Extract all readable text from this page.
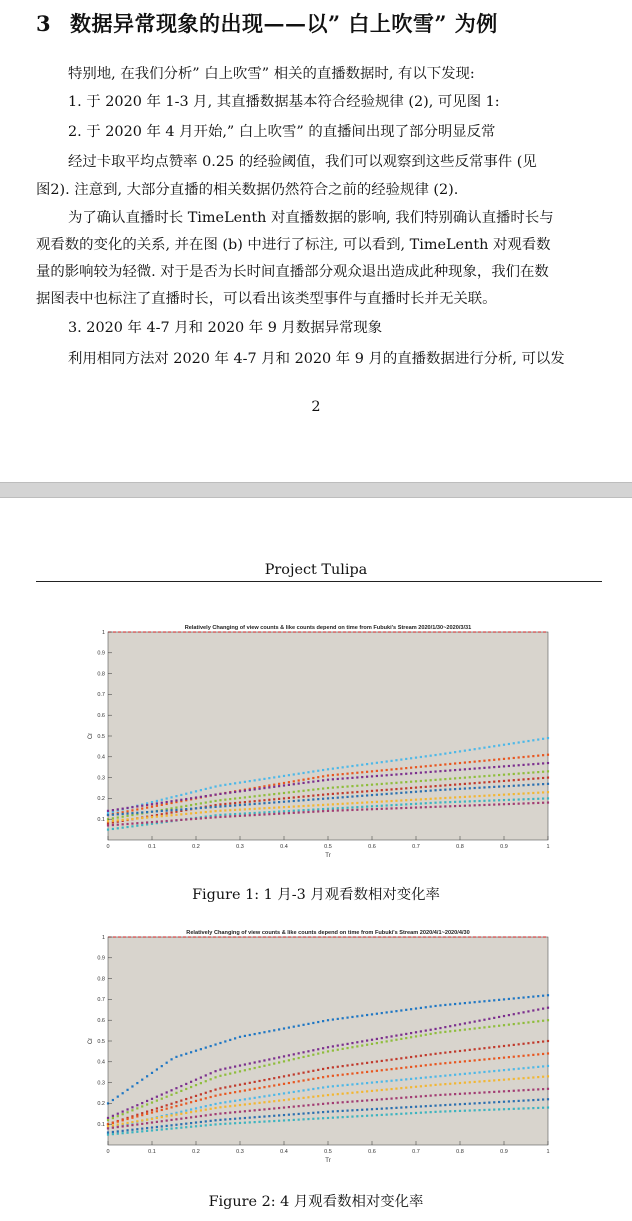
3 数据异常现象的出现——以” 白上吹雪” 为例
特别地, 在我们分析” 白上吹雪” 相关的直播数据时, 有以下发现:
1. 于 2020 年 1-3 月, 其直播数据基本符合经验规律 (2), 可见图 1:
2. 于 2020 年 4 月开始,” 白上吹雪” 的直播间出现了部分明显反常
经过卡取平均点赞率 0.25 的经验阈值，我们可以观察到这些反常事件 (见
图2). 注意到, 大部分直播的相关数据仍然符合之前的经验规律 (2).
为了确认直播时长 TimeLenth 对直播数据的影响, 我们特别确认直播时长与
观看数的变化的关系, 并在图 (b) 中进行了标注, 可以看到, TimeLenth 对观看数
量的影响较为轻微. 对于是否为长时间直播部分观众退出造成此种现象，我们在数
据图表中也标注了直播时长，可以看出该类型事件与直播时长并无关联。
3. 2020 年 4-7 月和 2020 年 9 月数据异常现象
利用相同方法对 2020 年 4-7 月和 2020 年 9 月的直播数据进行分析, 可以发
2
Project Tulipa
Relatively Changing of view counts & like counts depend on time from Fubuki's Stream 2020/1/30~2020/3/31
0.1
0.2
0.3
0.4
0.5
0.6
0.7
0.8
0.9
1
0	0.1	0.2	0.3	0.4	0.5	0.6	0.7	0.8	0.9	1
Tr
Cr
Figure 1: 1 月-3 月观看数相对变化率
Relatively Changing of view counts & like counts depend on time from Fubuki's Stream 2020/4/1~2020/4/30
0.1
0.2
0.3
0.4
0.5
0.6
0.7
0.8
0.9
1
0	0.1	0.2	0.3	0.4	0.5	0.6	0.7	0.8	0.9	1
Tr
Cr
Figure 2: 4 月观看数相对变化率
